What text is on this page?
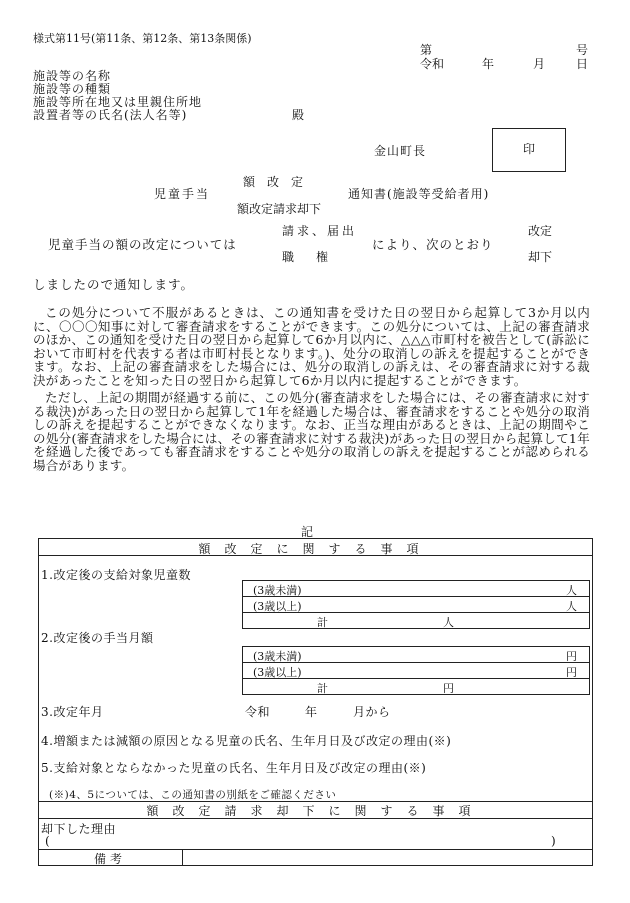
様式第11号(第11条、第12条、第13条関係)
第	号
令和	年	月	日
施設等の名称
施設等の種類
施設等所在地又は里親住所地
設置者等の氏名(法人名等)	殿
金山町長	印
額改定
児童手当	通知書(施設等受給者用)
額改定請求却下
児童手当の額の改定については
請求、届出
職権
により、次のとおり
改定
却下
しましたので通知します。
この処分について不服があるときは、この通知書を受けた日の翌日から起算して3か月以内に、〇〇〇知事に対して審査請求をすることができます。この処分については、上記の審査請求のほか、この通知を受けた日の翌日から起算して6か月以内に、△△△市町村を被告として(訴訟において市町村を代表する者は市町村長となります。)、处分の取消しの訴えを提起することができます。なお、上記の審査請求をした場合には、処分の取消しの訴えは、その審査請求に対する裁決があったことを知った日の翌日から起算して6か月以内に提起することができます。
ただし、上記の期間が経過する前に、この処分(審査請求をした場合には、その審査請求に対する裁決)があった日の翌日から起算して1年を経過した場合は、審査請求をすることや処分の取消しの訴えを提起することができなくなります。なお、正当な理由があるときは、上記の期間やこの処分(審査請求をした場合には、その審査請求に対する裁決)があった日の翌日から起算して1年を経過した後であっても審査請求をすることや処分の取消しの訴えを提起することが認められる場合があります。
記
額改定に関する事項
1.改定後の支給対象児童数
(3歳未満)	人
(3歳以上)	人
計	人
2.改定後の手当月額
(3歳未満)	円
(3歳以上)	円
計	円
3.改定年月	令和	年	月から
4.増額または減額の原因となる児童の氏名、生年月日及び改定の理由(※)
5.支給対象とならなかった児童の氏名、生年月日及び改定の理由(※)
(※)4、5については、この通知書の別紙をご確認ください
額改定請求却下に関する事項
却下した理由
(	)
備考
